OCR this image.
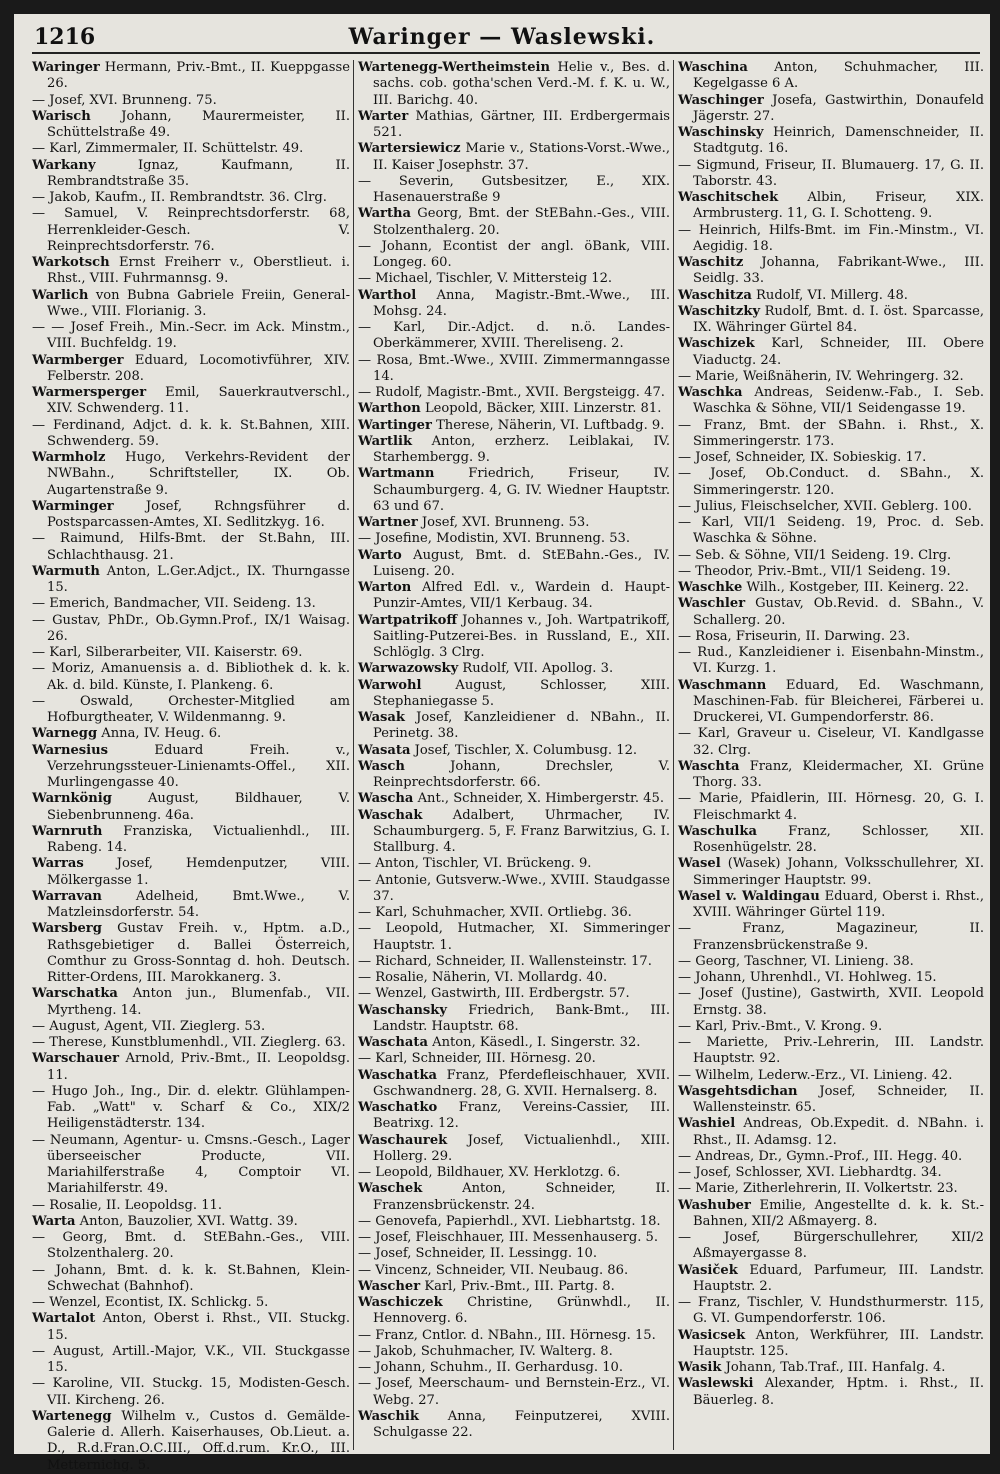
1216	Waringer — Waslewski.

Waringer Hermann, Priv.-Bmt., II. Kueppgasse 26.

— Josef, XVI. Brunneng. 75.

Warisch Johann, Maurermeister, II. Schüttelstraße 49.

— Karl, Zimmermaler, II. Schüttelstr. 49.

Warkany	Ignaz, Kaufmann, II. Rembrandtstraße 35.

— Jakob, Kaufm., II. Rembrandtstr. 36. Clrg.

— Samuel, V. Reinprechtsdorferstr. 68, Herrenkleider-Gesch. V. Reinprechtsdorferstr. 76.

Warkotsch Ernst Freiherr v., Oberstlieut. i. Rhst., VIII. Fuhrmannsg. 9.

Warlich von Bubna Gabriele Freiin, General-Wwe., VIII. Florianig. 3.

— — Josef Freih., Min.-Secr. im Ack. Minstm., VIII. Buchfeldg. 19.

Warmberger Eduard, Locomotivführer, XIV. Felberstr. 208.

Warmersperger Emil, Sauerkrautverschl., XIV. Schwenderg. 11.

— Ferdinand, Adjct. d. k. k. St.Bahnen, XIII. Schwenderg. 59.

Warmholz Hugo, Verkehrs-Revident der NWBahn., Schriftsteller, IX. Ob. Augartenstraße 9.

Warminger Josef, Rchngsführer d. Postsparcassen-Amtes, XI. Sedlitzkyg. 16.

— Raimund, Hilfs-Bmt. der St.Bahn, III. Schlachthausg. 21.

Warmuth Anton, L.Ger.Adjct., IX. Thurngasse 15.

— Emerich, Bandmacher, VII. Seideng. 13.

— Gustav, PhDr., Ob.Gymn.Prof., IX/1 Waisag. 26.

— Karl, Silberarbeiter, VII. Kaiserstr. 69.

— Moriz, Amanuensis a. d. Bibliothek d. k. k. Ak. d. bild. Künste, I. Plankeng. 6.

— Oswald, Orchester-Mitglied am Hofburgtheater, V. Wildenmanng. 9.

Warnegg Anna, IV. Heug. 6.

Warnesius	Eduard Freih. v., Verzehrungssteuer-Linienamts-Offel., XII. Murlingengasse 40.

Warnkönig	August, Bildhauer, V. Siebenbrunneng. 46a.

Warnruth Franziska, Victualienhdl., III. Rabeng. 14.

Warras	Josef, Hemdenputzer, VIII. Mölkergasse 1.

Warravan	Adelheid, Bmt.Wwe., V. Matzleinsdorferstr. 54.

Warsberg Gustav Freih. v., Hptm. a.D., Rathsgebietiger d. Ballei Österreich, Comthur zu Gross-Sonntag d. hoh. Deutsch. Ritter-Ordens, III. Marokkanerg. 3.

Warschatka Anton jun., Blumenfab., VII. Myrtheng. 14.

— August, Agent, VII. Zieglerg. 53.

— Therese, Kunstblumenhdl., VII. Zieglerg. 63.

Warschauer Arnold, Priv.-Bmt., II. Leopoldsg. 11.

— Hugo Joh., Ing., Dir. d. elektr. Glühlampen-Fab. „Watt" v. Scharf & Co., XIX/2 Heiligenstädterstr. 134.

— Neumann, Agentur- u. Cmsns.-Gesch., Lager überseeischer Producte, VII. Mariahilferstraße 4, Comptoir VI. Mariahilferstr. 49.

— Rosalie, II. Leopoldsg. 11.

Warta Anton, Bauzolier, XVI. Wattg. 39.

— Georg, Bmt. d. StEBahn.-Ges., VIII. Stolzenthalerg. 20.

— Johann, Bmt. d. k. k. St.Bahnen, Klein-Schwechat (Bahnhof).

— Wenzel, Econtist, IX. Schlickg. 5.

Wartalot Anton, Oberst i. Rhst., VII. Stuckg. 15.

— August, Artill.-Major, V.K., VII. Stuckgasse 15.

— Karoline, VII. Stuckg. 15, Modisten-Gesch. VII. Kircheng. 26.

Wartenegg Wilhelm v., Custos d. Gemälde-Galerie d. Allerh. Kaiserhauses, Ob.Lieut. a. D., R.d.Fran.O.C.III., Off.d.rum. Kr.O., III. Metternichg. 5.

Wartenegg-Wertheimstein Helie v., Bes. d. sachs. cob. gotha'schen Verd.-M. f. K. u. W., III. Barichg. 40.

Warter Mathias, Gärtner, III. Erdbergermais 521.

Wartersiewicz Marie v., Stations-Vorst.-Wwe., II. Kaiser Josephstr. 37.

— Severin, Gutsbesitzer, E., XIX. Hasenauerstraße 9

Wartha Georg, Bmt. der StEBahn.-Ges., VIII. Stolzenthalerg. 20.

— Johann, Econtist der angl. öBank, VIII. Longeg. 60.

— Michael, Tischler, V. Mittersteig 12.

Warthol Anna, Magistr.-Bmt.-Wwe., III. Mohsg. 24.

— Karl, Dir.-Adjct. d. n.ö. Landes-Oberkämmerer, XVIII. Thereliseng. 2.

— Rosa, Bmt.-Wwe., XVIII. Zimmermanngasse 14.

— Rudolf, Magistr.-Bmt., XVII. Bergsteigg. 47.

Warthon Leopold, Bäcker, XIII. Linzerstr. 81.

Wartinger Therese, Näherin, VI. Luftbadg. 9.

Wartlik Anton, erzherz. Leiblakai, IV. Starhembergg. 9.

Wartmann	Friedrich, Friseur, IV. Schaumburgerg. 4, G. IV. Wiedner Hauptstr. 63 und 67.

Wartner Josef, XVI. Brunneng. 53.

— Josefine, Modistin, XVI. Brunneng. 53.

Warto August, Bmt. d. StEBahn.-Ges., IV. Luiseng. 20.

Warton Alfred Edl. v., Wardein d. Haupt-Punzir-Amtes, VII/1 Kerbaug. 34.

Wartpatrikoff Johannes v., Joh. Wartpatrikoff, Saitling-Putzerei-Bes. in Russland, E., XII. Schlöglg. 3 Clrg.

Warwazowsky Rudolf, VII. Apollog. 3.

Warwohl	August, Schlosser, XIII. Stephaniegasse 5.

Wasak Josef, Kanzleidiener d. NBahn., II. Perinetg. 38.

Wasata Josef, Tischler, X. Columbusg. 12.

Wasch	Johann, Drechsler, V. Reinprechtsdorferstr. 66.

Wascha Ant., Schneider, X. Himbergerstr. 45.

Waschak Adalbert, Uhrmacher, IV. Schaumburgerg. 5, F. Franz Barwitzius, G. I. Stallburg. 4.

— Anton, Tischler, VI. Brückeng. 9.

— Antonie, Gutsverw.-Wwe., XVIII. Staudgasse 37.

— Karl, Schuhmacher, XVII. Ortliebg. 36.

— Leopold, Hutmacher, XI. Simmeringer Hauptstr. 1.

— Richard, Schneider, II. Wallensteinstr. 17.

— Rosalie, Näherin, VI. Mollardg. 40.

— Wenzel, Gastwirth, III. Erdbergstr. 57.

Waschansky Friedrich, Bank-Bmt., III. Landstr. Hauptstr. 68.

Waschata Anton, Käsedl., I. Singerstr. 32.

— Karl, Schneider, III. Hörnesg. 20.

Waschatka Franz, Pferdefleischhauer, XVII. Gschwandnerg. 28, G. XVII. Hernalserg. 8.

Waschatko Franz, Vereins-Cassier, III. Beatrixg. 12.

Waschaurek Josef, Victualienhdl., XIII. Hollerg. 29.

— Leopold, Bildhauer, XV. Herklotzg. 6.

Waschek	Anton, Schneider, II. Franzensbrückenstr. 24.

— Genovefa, Papierhdl., XVI. Liebhartstg. 18.

— Josef, Fleischhauer, III. Messenhauserg. 5.

— Josef, Schneider, II. Lessingg. 10.

— Vincenz, Schneider, VII. Neubaug. 86.

Wascher Karl, Priv.-Bmt., III. Partg. 8.

Waschiczek Christine, Grünwhdl., II. Hennoverg. 6.

— Franz, Cntlor. d. NBahn., III. Hörnesg. 15.

— Jakob, Schuhmacher, IV. Walterg. 8.

— Johann, Schuhm., II. Gerhardusg. 10.

— Josef, Meerschaum- und Bernstein-Erz., VI. Webg. 27.

Waschik Anna, Feinputzerei, XVIII. Schulgasse 22.

Waschina Anton, Schuhmacher, III. Kegelgasse 6 A.

Waschinger Josefa, Gastwirthin, Donaufeld Jägerstr. 27.

Waschinsky Heinrich, Damenschneider, II. Stadtgutg. 16.

— Sigmund, Friseur, II. Blumauerg. 17, G. II. Taborstr. 43.

Waschitschek Albin, Friseur, XIX. Armbrusterg. 11, G. I. Schotteng. 9.

— Heinrich, Hilfs-Bmt. im Fin.-Minstm., VI. Aegidig. 18.

Waschitz Johanna, Fabrikant-Wwe., III. Seidlg. 33.

Waschitza Rudolf, VI. Millerg. 48.

Waschitzky Rudolf, Bmt. d. I. öst. Sparcasse, IX. Währinger Gürtel 84.

Waschizek Karl, Schneider, III. Obere Viaductg. 24.

— Marie, Weißnäherin, IV. Wehringerg. 32.

Waschka Andreas, Seidenw.-Fab., I. Seb. Waschka & Söhne, VII/1 Seidengasse 19.

— Franz, Bmt. der SBahn. i. Rhst., X. Simmeringerstr. 173.

— Josef, Schneider, IX. Sobieskig. 17.

— Josef, Ob.Conduct. d. SBahn., X. Simmeringerstr. 120.

— Julius, Fleischselcher, XVII. Geblerg. 100.

— Karl, VII/1 Seideng. 19, Proc. d. Seb. Waschka & Söhne.

— Seb. & Söhne, VII/1 Seideng. 19. Clrg.

— Theodor, Priv.-Bmt., VII/1 Seideng. 19.

Waschke Wilh., Kostgeber, III. Keinerg. 22.

Waschler Gustav, Ob.Revid. d. SBahn., V. Schallerg. 20.

— Rosa, Friseurin, II. Darwing. 23.

— Rud., Kanzleidiener i. Eisenbahn-Minstm., VI. Kurzg. 1.

Waschmann Eduard, Ed. Waschmann, Maschinen-Fab. für Bleicherei, Färberei u. Druckerei, VI. Gumpendorferstr. 86.

— Karl, Graveur u. Ciseleur, VI. Kandlgasse 32. Clrg.

Waschta Franz, Kleidermacher, XI. Grüne Thorg. 33.

— Marie, Pfaidlerin, III. Hörnesg. 20, G. I. Fleischmarkt 4.

Waschulka Franz, Schlosser, XII. Rosenhügelstr. 28.

Wasel (Wasek) Johann, Volksschullehrer, XI. Simmeringer Hauptstr. 99.

Wasel v. Waldingau Eduard, Oberst i. Rhst., XVIII. Währinger Gürtel 119.

— Franz, Magazineur, II. Franzensbrückenstraße 9.

— Georg, Taschner, VI. Linieng. 38.

— Johann, Uhrenhdl., VI. Hohlweg. 15.

— Josef (Justine), Gastwirth, XVII. Leopold Ernstg. 38.

— Karl, Priv.-Bmt., V. Krong. 9.

— Mariette, Priv.-Lehrerin, III. Landstr. Hauptstr. 92.

— Wilhelm, Lederw.-Erz., VI. Linieng. 42.

Wasgehtsdichan Josef, Schneider, II. Wallensteinstr. 65.

Washiel Andreas, Ob.Expedit. d. NBahn. i. Rhst., II. Adamsg. 12.

— Andreas, Dr., Gymn.-Prof., III. Hegg. 40.

— Josef, Schlosser, XVI. Liebhardtg. 34.

— Marie, Zitherlehrerin, II. Volkertstr. 23.

Washuber Emilie, Angestellte d. k. k. St.-Bahnen, XII/2 Aßmayerg. 8.

— Josef, Bürgerschullehrer, XII/2 Aßmayergasse 8.

Wasiček Eduard, Parfumeur, III. Landstr. Hauptstr. 2.

— Franz, Tischler, V. Hundsthurmerstr. 115, G. VI. Gumpendorferstr. 106.

Wasicsek Anton, Werkführer, III. Landstr. Hauptstr. 125.

Wasik Johann, Tab.Traf., III. Hanfalg. 4.

Waslewski Alexander, Hptm. i. Rhst., II. Bäuerleg. 8.
